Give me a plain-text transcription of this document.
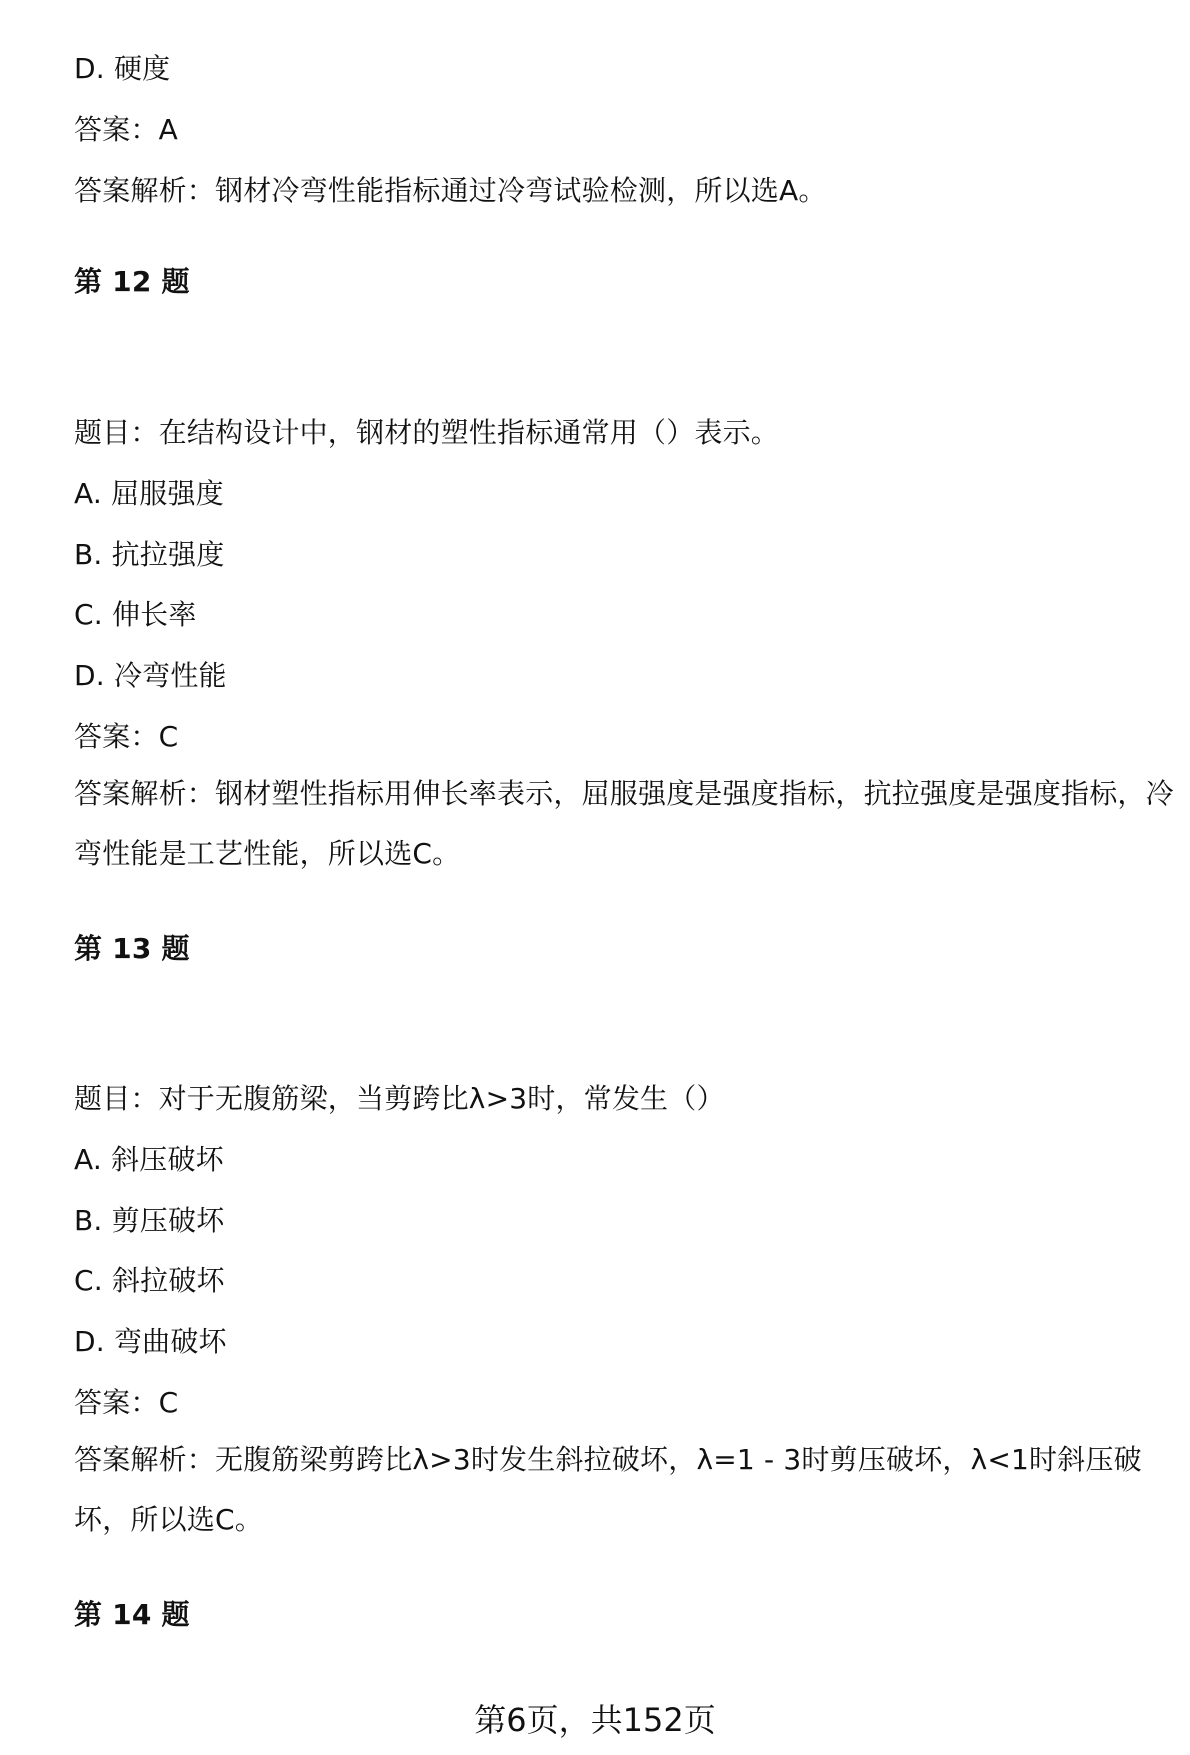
D. 硬度

答案：A

答案解析：钢材冷弯性能指标通过冷弯试验检测，所以选A。

第 12 题

题目：在结构设计中，钢材的塑性指标通常用（）表示。

A. 屈服强度

B. 抗拉强度

C. 伸长率

D. 冷弯性能

答案：C

答案解析：钢材塑性指标用伸长率表示，屈服强度是强度指标，抗拉强度是强度指标，冷弯性能是工艺性能，所以选C。

第 13 题

题目：对于无腹筋梁，当剪跨比λ>3时，常发生（）

A. 斜压破坏

B. 剪压破坏

C. 斜拉破坏

D. 弯曲破坏

答案：C

答案解析：无腹筋梁剪跨比λ>3时发生斜拉破坏，λ=1 - 3时剪压破坏，λ<1时斜压破坏，所以选C。

第 14 题

第6页，共152页
